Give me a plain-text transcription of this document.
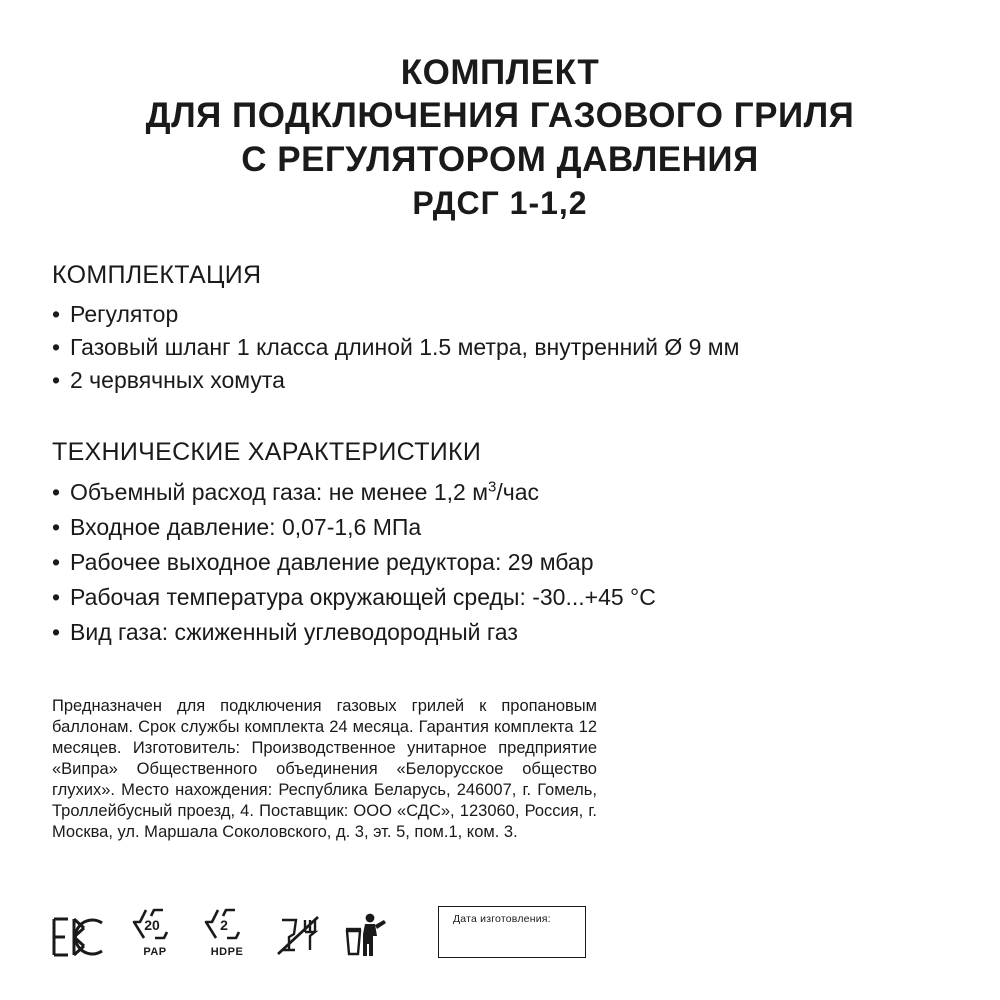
КОМПЛЕКТ
ДЛЯ ПОДКЛЮЧЕНИЯ ГАЗОВОГО ГРИЛЯ
С РЕГУЛЯТОРОМ ДАВЛЕНИЯ
РДСГ 1-1,2
КОМПЛЕКТАЦИЯ
• Регулятор
• Газовый шланг 1 класса длиной 1.5 метра, внутренний Ø 9 мм
• 2 червячных хомута
ТЕХНИЧЕСКИЕ ХАРАКТЕРИСТИКИ
• Объемный расход газа: не менее 1,2 $м^3$/час
• Входное давление: 0,07-1,6 МПа
• Рабочее выходное давление редуктора: 29 мбар
• Рабочая температура окружающей среды: -30...+45 °C
• Вид газа: сжиженный углеводородный газ

Предназначен для подключения газовых грилей к пропановым баллонам. Срок службы комплекта 24 месяца. Гарантия комплекта 12 месяцев. Изготовитель: Производственное унитарное предприятие «Випра» Общественного объединения «Белорусское общество глухих». Место нахождения: Республика Беларусь, 246007, г. Гомель, Троллейбусный проезд, 4. Поставщик: ООО «СДС», 123060, Россия, г. Москва, ул. Маршала Соколовского, д. 3, эт. 5, пом.1, ком. 3.

20
PAP
2
HDPE
Дата изготовления:
